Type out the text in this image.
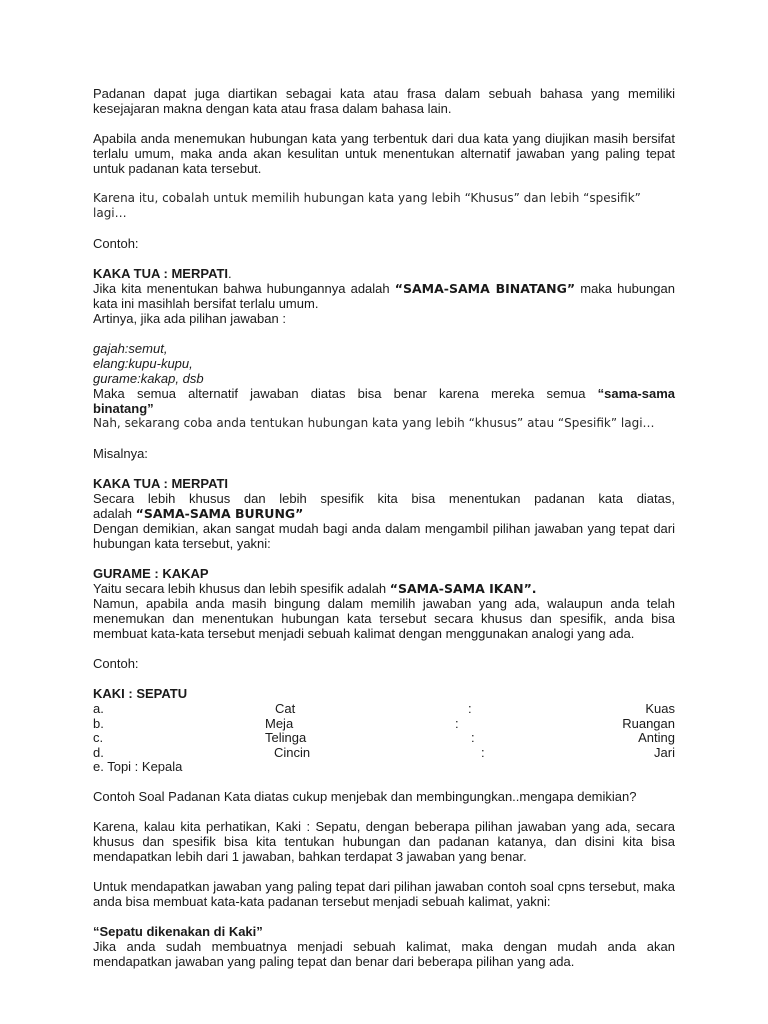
Padanan dapat juga diartikan sebagai kata atau frasa dalam sebuah bahasa yang memiliki kesejajaran makna dengan kata atau frasa dalam bahasa lain.

Apabila anda menemukan hubungan kata yang terbentuk dari dua kata yang diujikan masih bersifat terlalu umum, maka anda akan kesulitan untuk menentukan alternatif jawaban yang paling tepat untuk padanan kata tersebut.

Karena itu, cobalah untuk memilih hubungan kata yang lebih “Khusus” dan lebih “spesifik” lagi…

Contoh:

KAKA TUA : MERPATI.
Jika kita menentukan bahwa hubungannya adalah “SAMA-SAMA BINATANG” maka hubungan
kata ini masihlah bersifat terlalu umum.
Artinya, jika ada pilihan jawaban :
gajah:semut,
elang:kupu-kupu,
gurame:kakap, dsb
Maka semua alternatif jawaban diatas bisa benar karena mereka semua “sama-sama
binatang”
Nah, sekarang coba anda tentukan hubungan kata yang lebih “khusus” atau “Spesifik” lagi…

Misalnya:

KAKA TUA : MERPATI
Secara lebih khusus dan lebih spesifik kita bisa menentukan padanan kata diatas,
adalah “SAMA-SAMA BURUNG”
Dengan demikian, akan sangat mudah bagi anda dalam mengambil pilihan jawaban yang tepat dari hubungan kata tersebut, yakni:
GURAME : KAKAP
Yaitu secara lebih khusus dan lebih spesifik adalah “SAMA-SAMA IKAN”.
Namun, apabila anda masih bingung dalam memilih jawaban yang ada, walaupun anda telah menemukan dan menentukan hubungan kata tersebut secara khusus dan spesifik, anda bisa membuat kata-kata tersebut menjadi sebuah kalimat dengan menggunakan analogi yang ada.

Contoh:

KAKI : SEPATU
a.	Cat	:	Kuas
b.	Meja	:	Ruangan
c.	Telinga	:	Anting
d.	Cincin	:	Jari
e. Topi : Kepala

Contoh Soal Padanan Kata diatas cukup menjebak dan membingungkan..mengapa demikian?

Karena, kalau kita perhatikan, Kaki : Sepatu, dengan beberapa pilihan jawaban yang ada, secara khusus dan spesifik bisa kita tentukan hubungan dan padanan katanya, dan disini kita bisa mendapatkan lebih dari 1 jawaban, bahkan terdapat 3 jawaban yang benar.

Untuk mendapatkan jawaban yang paling tepat dari pilihan jawaban contoh soal cpns tersebut, maka anda bisa membuat kata-kata padanan tersebut menjadi sebuah kalimat, yakni:

“Sepatu dikenakan di Kaki”
Jika anda sudah membuatnya menjadi sebuah kalimat, maka dengan mudah anda akan mendapatkan jawaban yang paling tepat dan benar dari beberapa pilihan yang ada.
